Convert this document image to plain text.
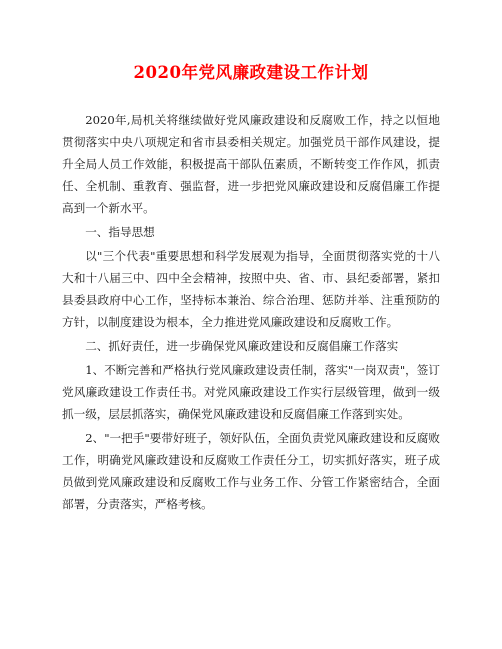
2020年党风廉政建设工作计划

2020年,局机关将继续做好党风廉政建设和反腐败工作，持之以恒地贯彻落实中央八项规定和省市县委相关规定。加强党员干部作风建设，提升全局人员工作效能，积极提高干部队伍素质，不断转变工作作风，抓责任、全机制、重教育、强监督，进一步把党风廉政建设和反腐倡廉工作提高到一个新水平。

一、指导思想

以"三个代表"重要思想和科学发展观为指导，全面贯彻落实党的十八大和十八届三中、四中全会精神，按照中央、省、市、县纪委部署，紧扣县委县政府中心工作，坚持标本兼治、综合治理、惩防并举、注重预防的方针，以制度建设为根本，全力推进党风廉政建设和反腐败工作。

二、抓好责任，进一步确保党风廉政建设和反腐倡廉工作落实

1、不断完善和严格执行党风廉政建设责任制，落实"一岗双责"，签订党风廉政建设工作责任书。对党风廉政建设工作实行层级管理，做到一级抓一级，层层抓落实，确保党风廉政建设和反腐倡廉工作落到实处。

2、"一把手"要带好班子，领好队伍，全面负责党风廉政建设和反腐败工作，明确党风廉政建设和反腐败工作责任分工，切实抓好落实，班子成员做到党风廉政建设和反腐败工作与业务工作、分管工作紧密结合，全面部署，分责落实，严格考核。
